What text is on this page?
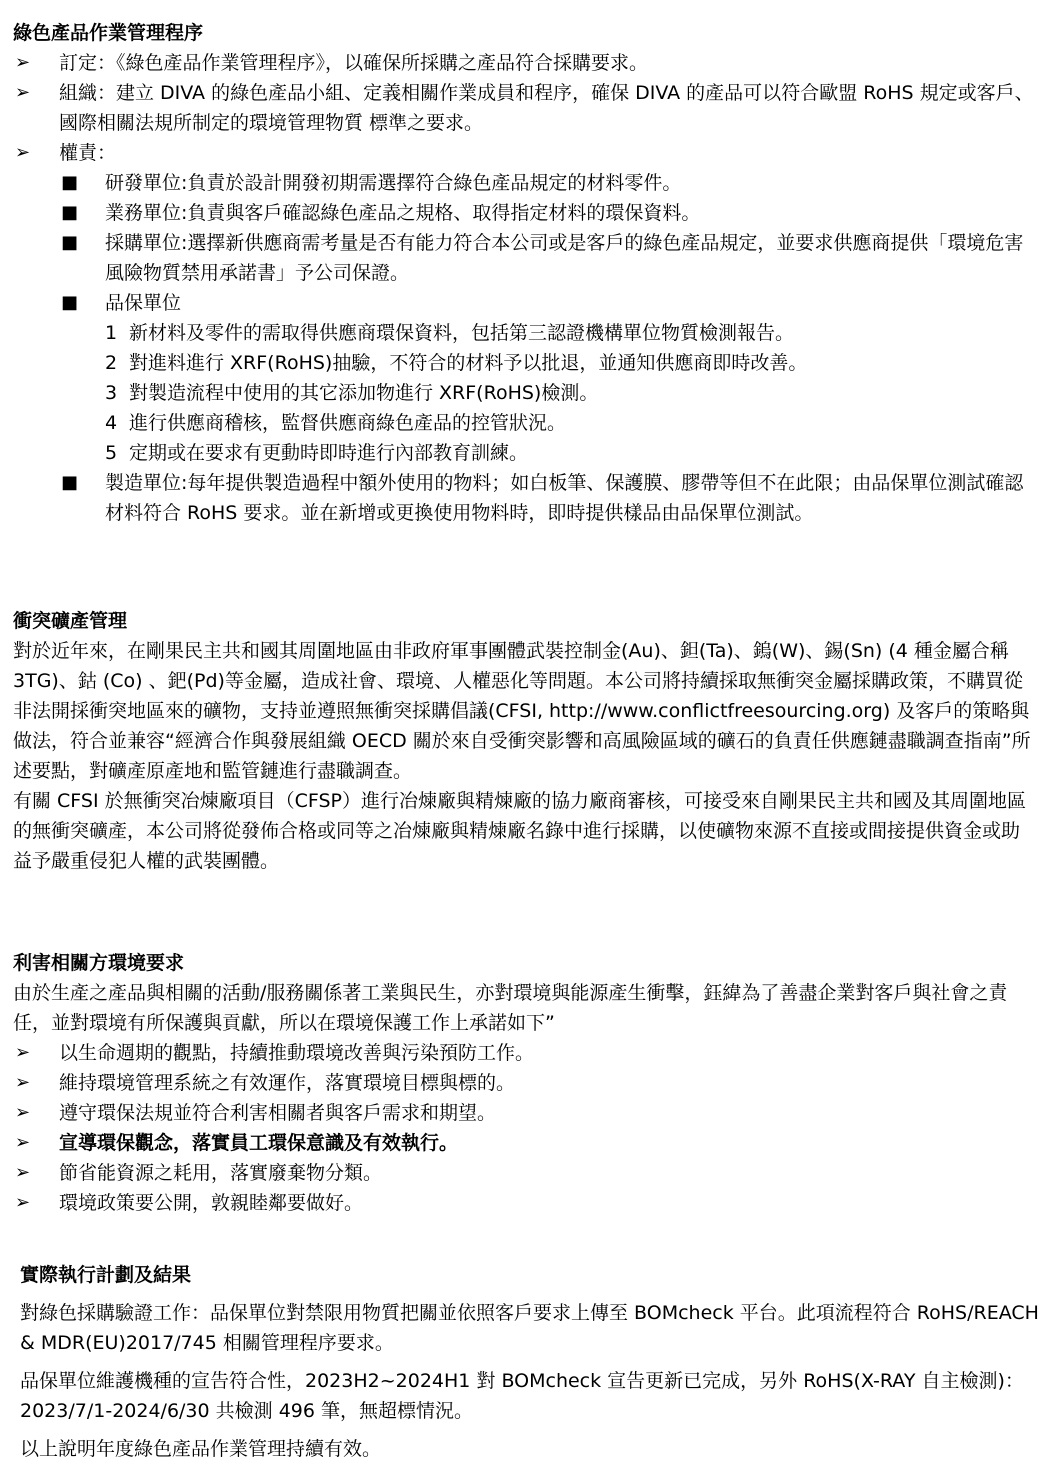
綠色產品作業管理程序
➢ 訂定：《綠色產品作業管理程序》，以確保所採購之產品符合採購要求。
➢ 組織：建立 DIVA 的綠色產品小組、定義相關作業成員和程序，確保 DIVA 的產品可以符合歐盟 RoHS 規定或客戶、國際相關法規所制定的環境管理物質 標準之要求。
➢ 權責：
■ 研發單位:負責於設計開發初期需選擇符合綠色產品規定的材料零件。
■ 業務單位:負責與客戶確認綠色產品之規格、取得指定材料的環保資料。
■ 採購單位:選擇新供應商需考量是否有能力符合本公司或是客戶的綠色產品規定，並要求供應商提供「環境危害風險物質禁用承諾書」予公司保證。
■ 品保單位
1 新材料及零件的需取得供應商環保資料，包括第三認證機構單位物質檢測報告。
2 對進料進行 XRF(RoHS)抽驗，不符合的材料予以批退，並通知供應商即時改善。
3 對製造流程中使用的其它添加物進行 XRF(RoHS)檢測。
4 進行供應商稽核，監督供應商綠色產品的控管狀況。
5 定期或在要求有更動時即時進行內部教育訓練。
■ 製造單位:每年提供製造過程中額外使用的物料；如白板筆、保護膜、膠帶等但不在此限；由品保單位測試確認材料符合 RoHS 要求。並在新增或更換使用物料時，即時提供樣品由品保單位測試。
衝突礦產管理

對於近年來，在剛果民主共和國其周圍地區由非政府軍事團體武裝控制金(Au)、鉭(Ta)、鎢(W)、錫(Sn) (4 種金屬合稱 3TG)、鈷 (Co) 、鈀(Pd)等金屬，造成社會、環境、人權惡化等問題。本公司將持續採取無衝突金屬採購政策，不購買從非法開採衝突地區來的礦物，支持並遵照無衝突採購倡議(CFSI, http://www.conflictfreesourcing.org) 及客戶的策略與做法，符合並兼容“經濟合作與發展組織 OECD 關於來自受衝突影響和高風險區域的礦石的負責任供應鏈盡職調查指南”所述要點，對礦產原產地和監管鏈進行盡職調查。

有關 CFSI 於無衝突冶煉廠項目（CFSP）進行冶煉廠與精煉廠的協力廠商審核，可接受來自剛果民主共和國及其周圍地區的無衝突礦產，本公司將從發佈合格或同等之冶煉廠與精煉廠名錄中進行採購，以使礦物來源不直接或間接提供資金或助益予嚴重侵犯人權的武裝團體。

利害相關方環境要求

由於生產之產品與相關的活動/服務關係著工業與民生，亦對環境與能源產生衝擊，鈺緯為了善盡企業對客戶與社會之責任，並對環境有所保護與貢獻，所以在環境保護工作上承諾如下”

➢ 以生命週期的觀點，持續推動環境改善與污染預防工作。
➢ 維持環境管理系統之有效運作，落實環境目標與標的。
➢ 遵守環保法規並符合利害相關者與客戶需求和期望。
➢ 宣導環保觀念，落實員工環保意識及有效執行。
➢ 節省能資源之耗用，落實廢棄物分類。
➢ 環境政策要公開，敦親睦鄰要做好。
實際執行計劃及結果

對綠色採購驗證工作：品保單位對禁限用物質把關並依照客戶要求上傳至 BOMcheck 平台。此項流程符合 RoHS/REACH & MDR(EU)2017/745 相關管理程序要求。

品保單位維護機種的宣告符合性，2023H2~2024H1 對 BOMcheck 宣告更新已完成，另外 RoHS(X-RAY 自主檢測)：2023/7/1-2024/6/30 共檢測 496 筆，無超標情況。

以上說明年度綠色產品作業管理持續有效。
